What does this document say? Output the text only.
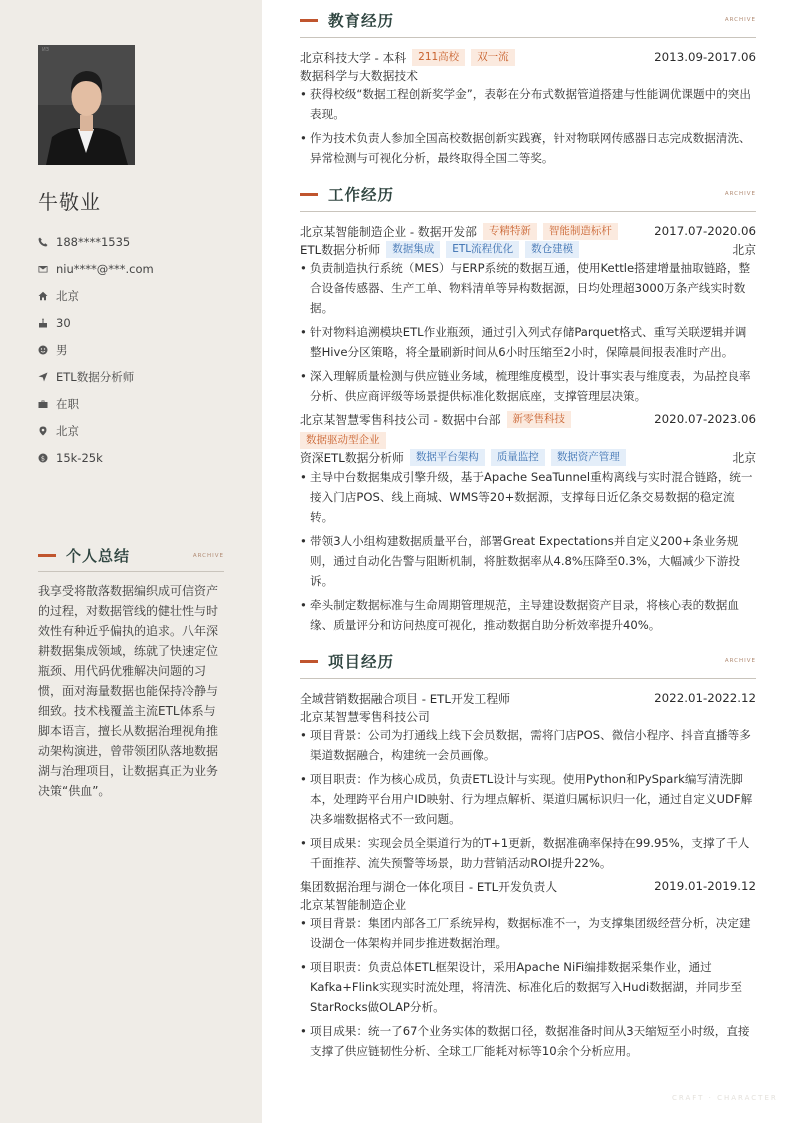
ИЗ
牛敬业
188****1535
niu****@***.com
北京
30
男
ETL数据分析师
在职
北京
$ 15k-25k
个人总结	ARCHIVE
我享受将散落数据编织成可信资产的过程，对数据管线的健壮性与时效性有种近乎偏执的追求。八年深耕数据集成领域，练就了快速定位瓶颈、用代码优雅解决问题的习惯，面对海量数据也能保持冷静与细致。技术栈覆盖主流ETL体系与脚本语言，擅长从数据治理视角推动架构演进，曾带领团队落地数据湖与治理项目，让数据真正为业务决策“供血”。
教育经历	ARCHIVE
北京科技大学 - 本科	211高校	双一流	2013.09-2017.06
数据科学与大数据技术
• 获得校级“数据工程创新奖学金”，表彰在分布式数据管道搭建与性能调优课题中的突出表现。
• 作为技术负责人参加全国高校数据创新实践赛，针对物联网传感器日志完成数据清洗、异常检测与可视化分析，最终取得全国二等奖。
工作经历	ARCHIVE
北京某智能制造企业 - 数据开发部	专精特新	智能制造标杆	2017.07-2020.06
ETL数据分析师	数据集成	ETL流程优化	数仓建模	北京
• 负责制造执行系统（MES）与ERP系统的数据互通，使用Kettle搭建增量抽取链路，整合设备传感器、生产工单、物料清单等异构数据源，日均处理超3000万条产线实时数据。
• 针对物料追溯模块ETL作业瓶颈，通过引入列式存储Parquet格式、重写关联逻辑并调整Hive分区策略，将全量刷新时间从6小时压缩至2小时，保障晨间报表准时产出。
• 深入理解质量检测与供应链业务域，梳理维度模型，设计事实表与维度表，为品控良率分析、供应商评级等场景提供标准化数据底座，支撑管理层决策。
北京某智慧零售科技公司 - 数据中台部	新零售科技	2020.07-2023.06
数据驱动型企业
资深ETL数据分析师	数据平台架构	质量监控	数据资产管理	北京
• 主导中台数据集成引擎升级，基于Apache SeaTunnel重构离线与实时混合链路，统一接入门店POS、线上商城、WMS等20+数据源，支撑每日近亿条交易数据的稳定流转。
• 带领3人小组构建数据质量平台，部署Great Expectations并自定义200+条业务规则，通过自动化告警与阻断机制，将脏数据率从4.8%压降至0.3%，大幅减少下游投诉。
• 牵头制定数据标准与生命周期管理规范，主导建设数据资产目录，将核心表的数据血缘、质量评分和访问热度可视化，推动数据自助分析效率提升40%。
项目经历	ARCHIVE
全域营销数据融合项目 - ETL开发工程师	2022.01-2022.12
北京某智慧零售科技公司
• 项目背景：公司为打通线上线下会员数据，需将门店POS、微信小程序、抖音直播等多渠道数据融合，构建统一会员画像。
• 项目职责：作为核心成员，负责ETL设计与实现。使用Python和PySpark编写清洗脚本，处理跨平台用户ID映射、行为埋点解析、渠道归属标识归一化，通过自定义UDF解决多端数据格式不一致问题。
• 项目成果：实现会员全渠道行为的T+1更新，数据准确率保持在99.95%，支撑了千人千面推荐、流失预警等场景，助力营销活动ROI提升22%。
集团数据治理与湖仓一体化项目 - ETL开发负责人	2019.01-2019.12
北京某智能制造企业
• 项目背景：集团内部各工厂系统异构，数据标准不一，为支撑集团级经营分析，决定建设湖仓一体架构并同步推进数据治理。
• 项目职责：负责总体ETL框架设计，采用Apache NiFi编排数据采集作业，通过Kafka+Flink实现实时流处理，将清洗、标准化后的数据写入Hudi数据湖，并同步至StarRocks做OLAP分析。
• 项目成果：统一了67个业务实体的数据口径，数据准备时间从3天缩短至小时级，直接支撑了供应链韧性分析、全球工厂能耗对标等10余个分析应用。
CRAFT · CHARACTER
